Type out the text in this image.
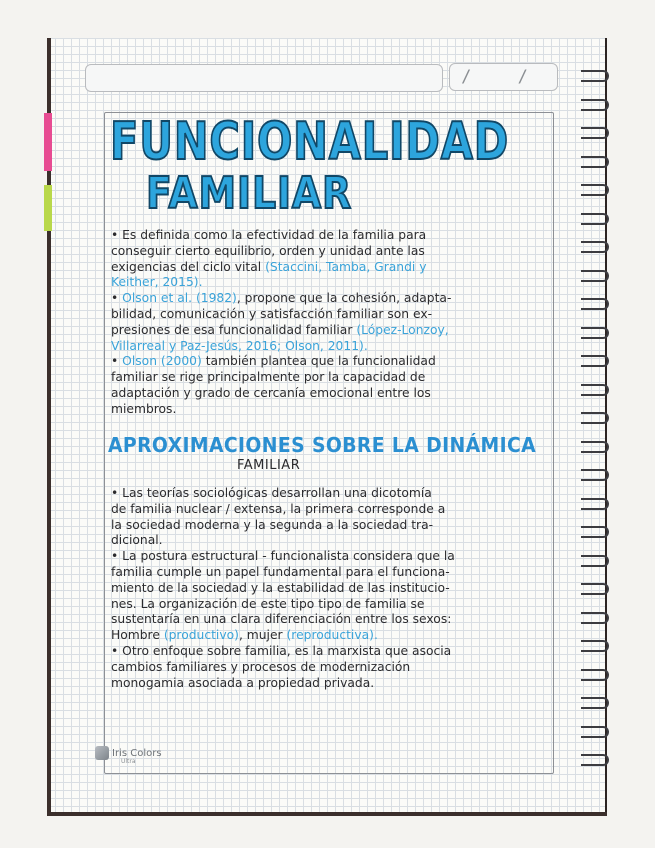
/ /
FUNCIONALIDAD
FAMILIAR
• Es definida como la efectividad de la familia para
conseguir cierto equilibrio, orden y unidad ante las
exigencias del ciclo vital (Staccini, Tamba, Grandi y
Keither, 2015).
• Olson et al. (1982), propone que la cohesión, adapta-
bilidad, comunicación y satisfacción familiar son ex-
presiones de esa funcionalidad familiar (López-Lonzoy,
Villarreal y Paz-Jesús, 2016; Olson, 2011).
• Olson (2000) también plantea que la funcionalidad
familiar se rige principalmente por la capacidad de
adaptación y grado de cercanía emocional entre los
miembros.
APROXIMACIONES SOBRE LA DINÁMICA
FAMILIAR
• Las teorías sociológicas desarrollan una dicotomía
de familia nuclear / extensa, la primera corresponde a
la sociedad moderna y la segunda a la sociedad tra-
dicional.
• La postura estructural - funcionalista considera que la
familia cumple un papel fundamental para el funciona-
miento de la sociedad y la estabilidad de las institucio-
nes. La organización de este tipo tipo de familia se
sustentaría en una clara diferenciación entre los sexos:
Hombre (productivo), mujer (reproductiva).
• Otro enfoque sobre familia, es la marxista que asocia
cambios familiares y procesos de modernización
monogamia asociada a propiedad privada.
Iris Colors
Ultra
